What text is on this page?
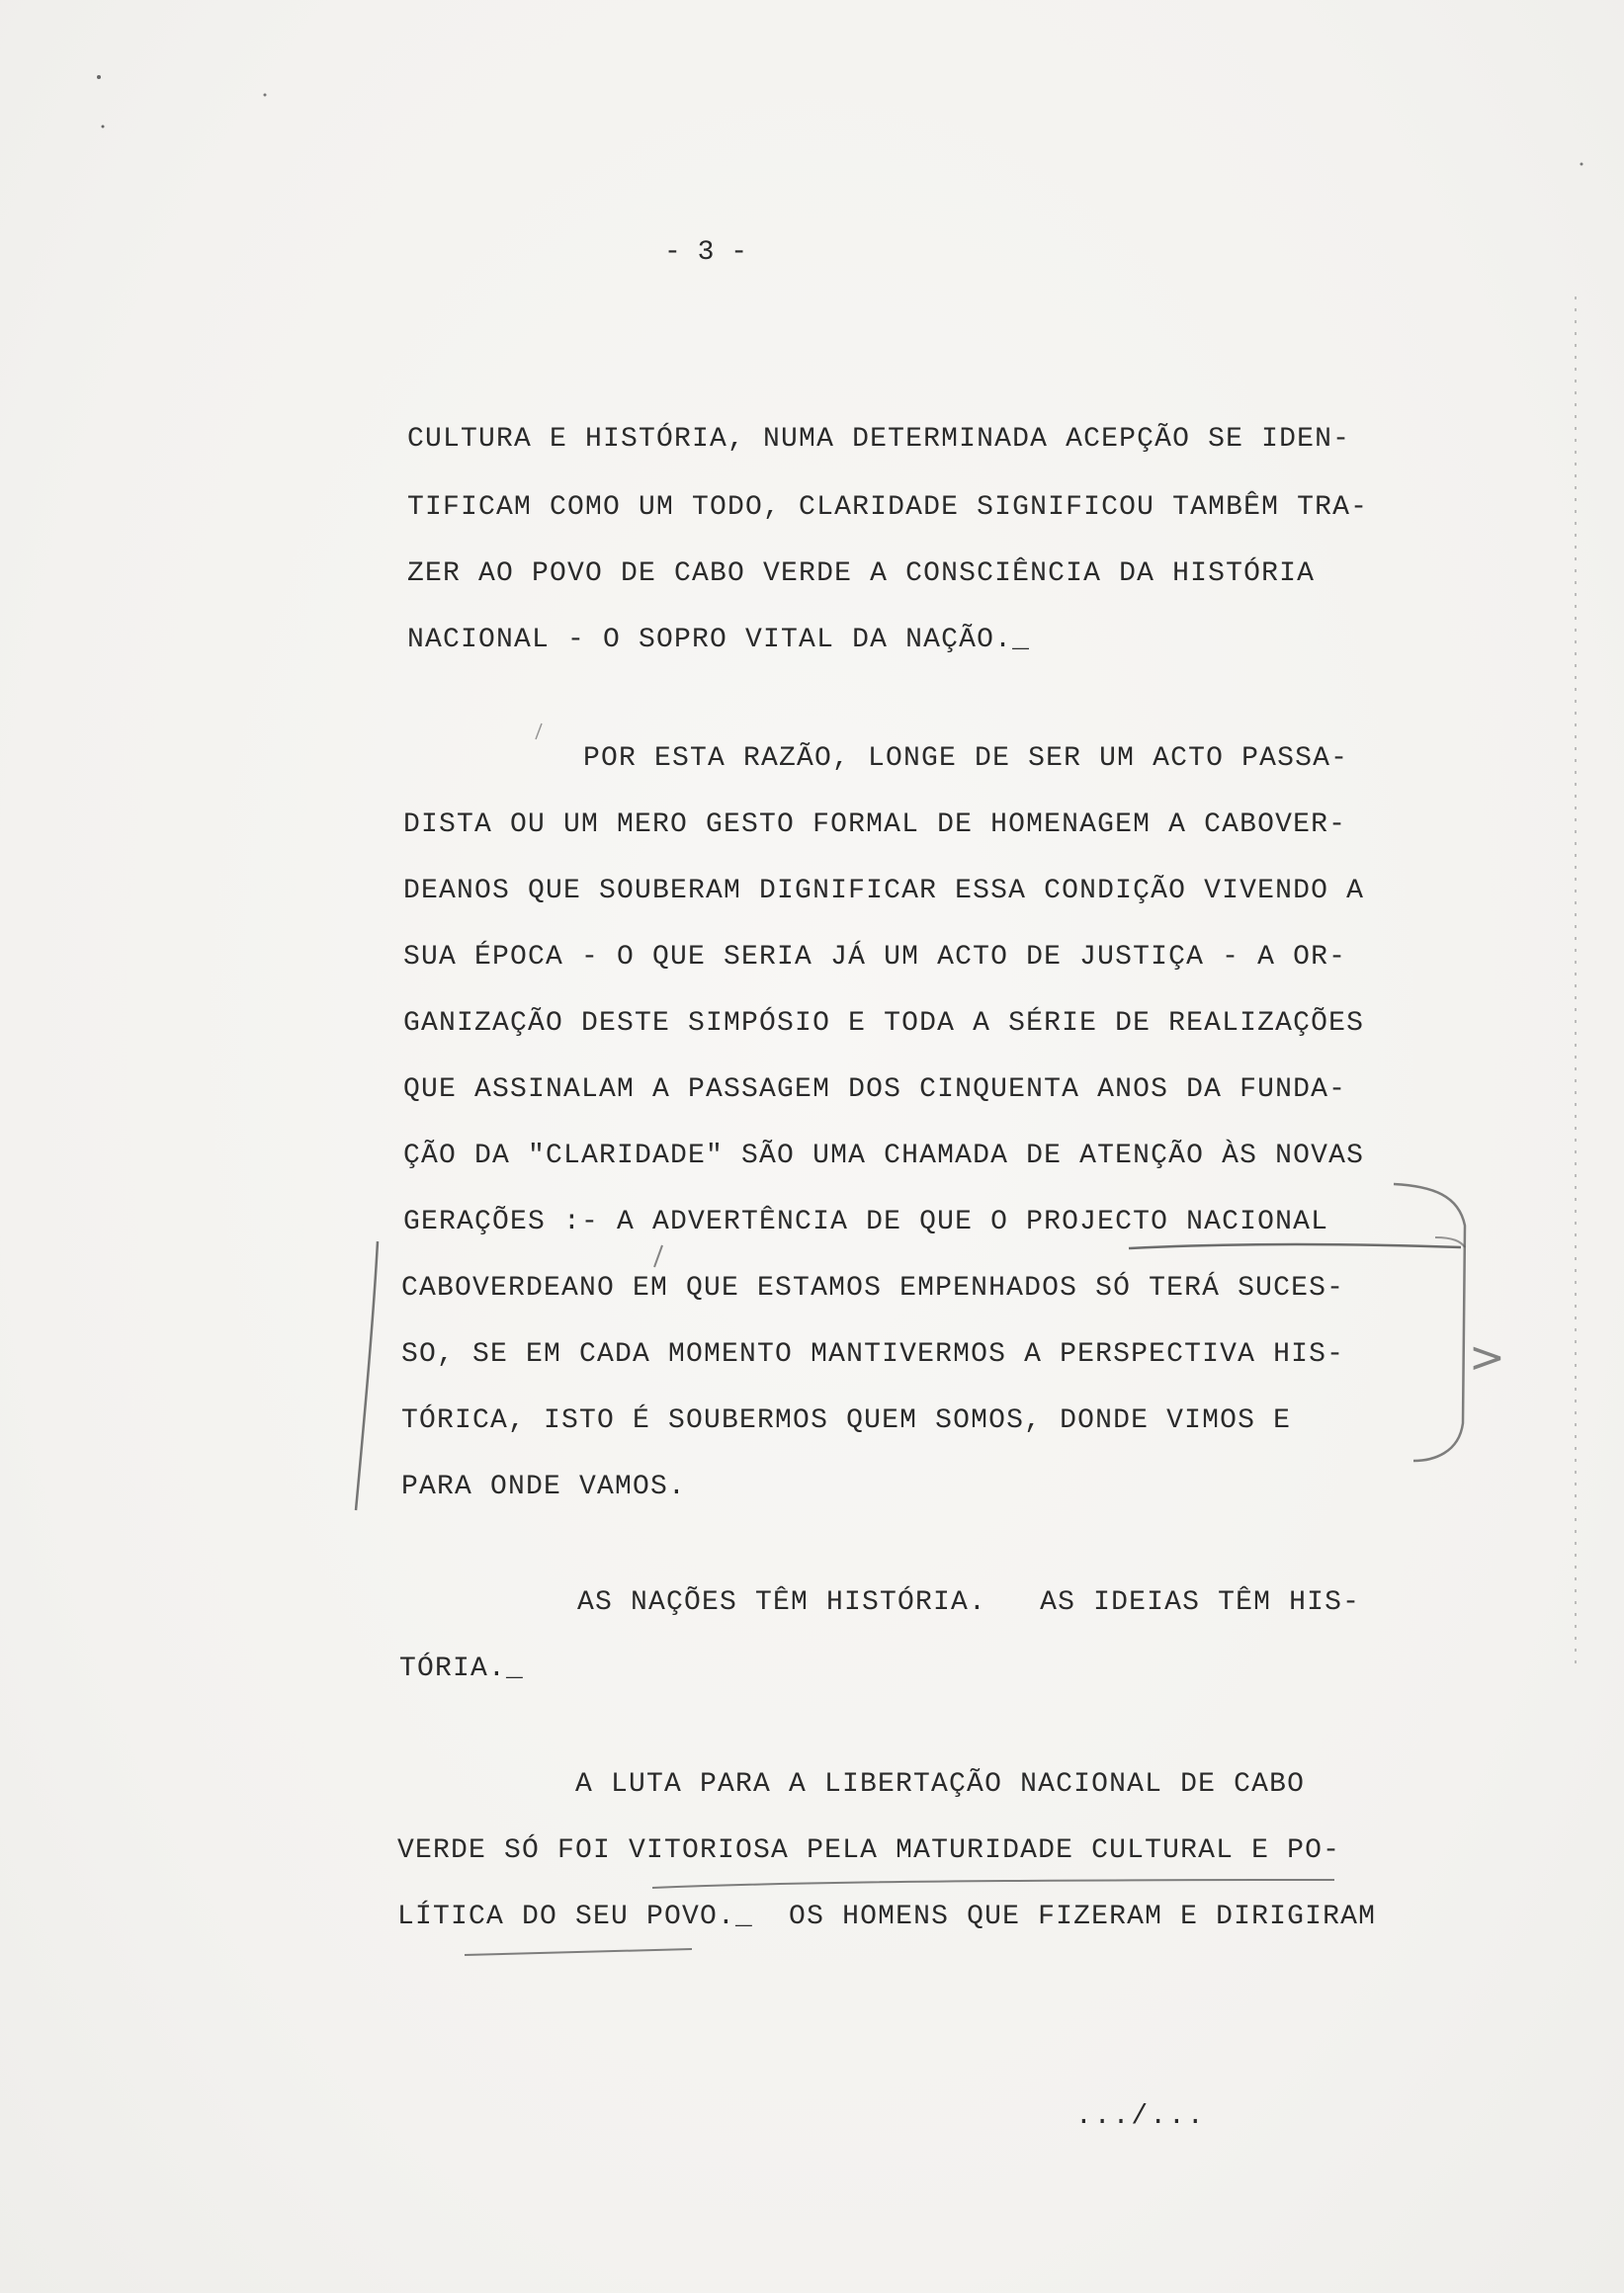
- 3 -
CULTURA E HISTÓRIA, NUMA DETERMINADA ACEPÇÃO SE IDEN-
TIFICAM COMO UM TODO, CLARIDADE SIGNIFICOU TAMBÊM TRA-
ZER AO POVO DE CABO VERDE A CONSCIÊNCIA DA HISTÓRIA
NACIONAL - O SOPRO VITAL DA NAÇÃO._
POR ESTA RAZÃO, LONGE DE SER UM ACTO PASSA-
DISTA OU UM MERO GESTO FORMAL DE HOMENAGEM A CABOVER-
DEANOS QUE SOUBERAM DIGNIFICAR ESSA CONDIÇÃO VIVENDO A
SUA ÉPOCA - O QUE SERIA JÁ UM ACTO DE JUSTIÇA - A OR-
GANIZAÇÃO DESTE SIMPÓSIO E TODA A SÉRIE DE REALIZAÇÕES
QUE ASSINALAM A PASSAGEM DOS CINQUENTA ANOS DA FUNDA-
ÇÃO DA "CLARIDADE" SÃO UMA CHAMADA DE ATENÇÃO ÀS NOVAS
GERAÇÕES :- A ADVERTÊNCIA DE QUE O PROJECTO NACIONAL
CABOVERDEANO EM QUE ESTAMOS EMPENHADOS SÓ TERÁ SUCES-
SO, SE EM CADA MOMENTO MANTIVERMOS A PERSPECTIVA HIS-
TÓRICA, ISTO É SOUBERMOS QUEM SOMOS, DONDE VIMOS E
PARA ONDE VAMOS.
AS NAÇÕES TÊM HISTÓRIA.   AS IDEIAS TÊM HIS-
TÓRIA._
A LUTA PARA A LIBERTAÇÃO NACIONAL DE CABO
VERDE SÓ FOI VITORIOSA PELA MATURIDADE CULTURAL E PO-
LÍTICA DO SEU POVO._  OS HOMENS QUE FIZERAM E DIRIGIRAM
.../...
>
